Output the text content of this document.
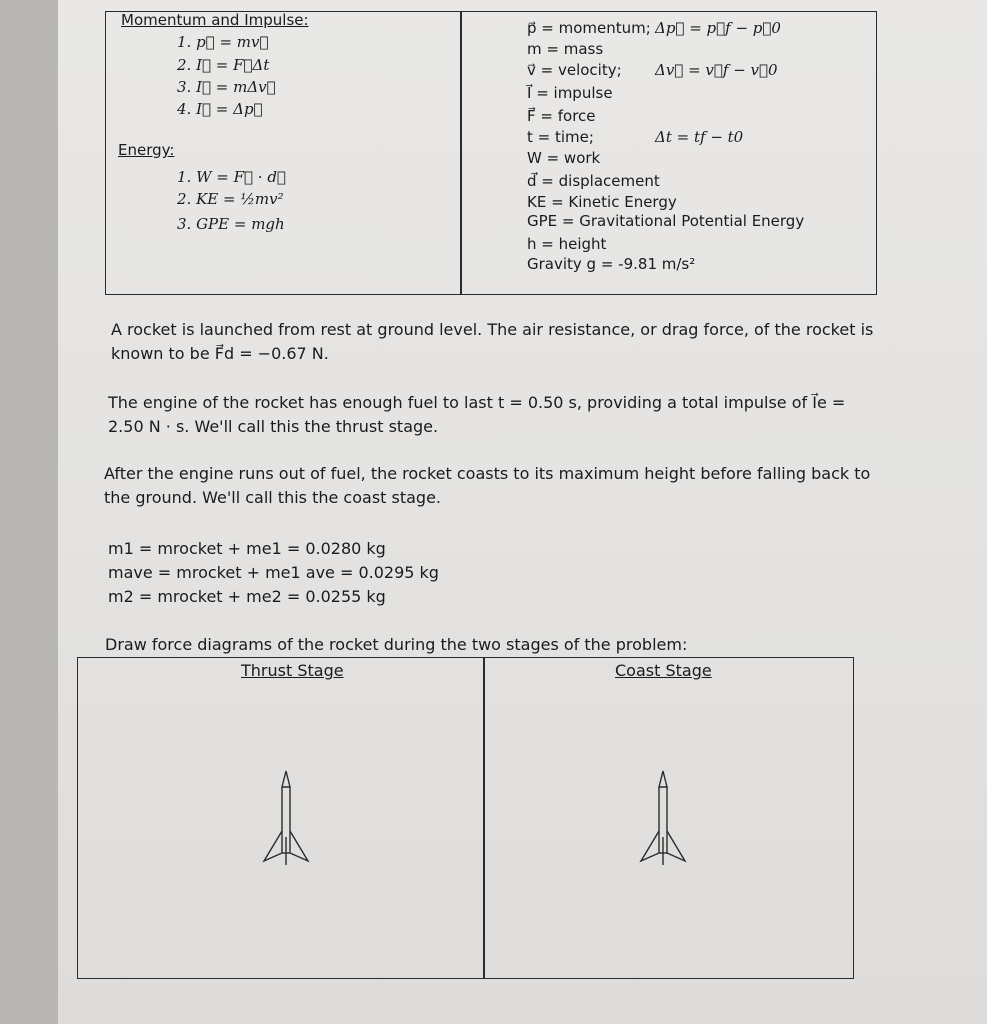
Momentum and Impulse:
1. p⃗ = mv⃗
2. I⃗ = F⃗Δt
3. I⃗ = mΔv⃗
4. I⃗ = Δp⃗
Energy:
1. W = F⃗ · d⃗
2. KE = ½mv²
3. GPE = mgh
p⃗ = momentum;
m = mass
v⃗ = velocity;
I⃗ = impulse
F⃗ = force
t = time;
W = work
d⃗ = displacement
KE = Kinetic Energy
GPE = Gravitational Potential Energy
h = height
Gravity g = -9.81 m/s²
Δp⃗ = p⃗f − p⃗0
Δv⃗ = v⃗f − v⃗0
Δt = tf − t0
A rocket is launched from rest at ground level. The air resistance, or drag force, of the rocket is known to be F⃗d = −0.67 N.
The engine of the rocket has enough fuel to last t = 0.50 s, providing a total impulse of I⃗e = 2.50 N · s. We'll call this the thrust stage.
After the engine runs out of fuel, the rocket coasts to its maximum height before falling back to the ground. We'll call this the coast stage.
m1 = mrocket + me1 = 0.0280 kg
mave = mrocket + me1 ave = 0.0295 kg
m2 = mrocket + me2 = 0.0255 kg
Draw force diagrams of the rocket during the two stages of the problem:
Thrust Stage	Coast Stage
